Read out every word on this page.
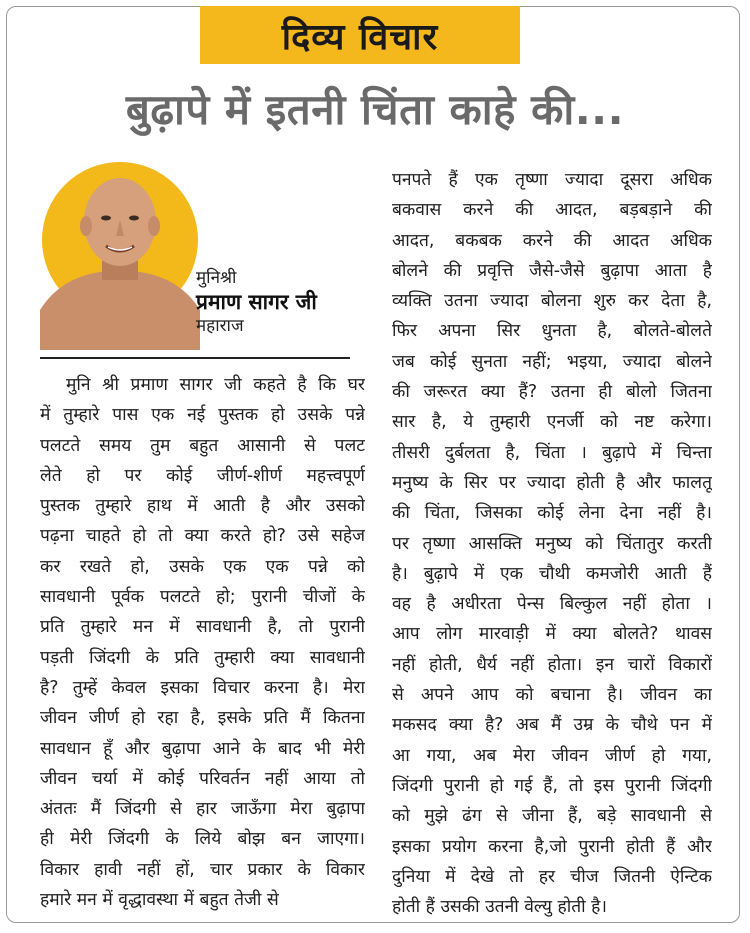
दिव्य विचार
बुढ़ापे में इतनी चिंता काहे की...
मुनिश्री
प्रमाण सागर जी
महाराज
मुनि श्री प्रमाण सागर जी कहते है कि घर
में तुम्हारे पास एक नई पुस्तक हो उसके पन्ने
पलटते समय तुम बहुत आसानी से पलट
लेते हो पर कोई जीर्ण-शीर्ण महत्त्वपूर्ण
पुस्तक तुम्हारे हाथ में आती है और उसको
पढ़ना चाहते हो तो क्या करते हो? उसे सहेज
कर रखते हो, उसके एक एक पन्ने को
सावधानी पूर्वक पलटते हो; पुरानी चीजों के
प्रति तुम्हारे मन में सावधानी है, तो पुरानी
पड़ती जिंदगी के प्रति तुम्हारी क्या सावधानी
है? तुम्हें केवल इसका विचार करना है। मेरा
जीवन जीर्ण हो रहा है, इसके प्रति मैं कितना
सावधान हूँ और बुढ़ापा आने के बाद भी मेरी
जीवन चर्या में कोई परिवर्तन नहीं आया तो
अंततः मैं जिंदगी से हार जाऊँगा मेरा बुढ़ापा
ही मेरी जिंदगी के लिये बोझ बन जाएगा।
विकार हावी नहीं हों, चार प्रकार के विकार
हमारे मन में वृद्धावस्था में बहुत तेजी से
पनपते हैं एक तृष्णा ज्यादा दूसरा अधिक
बकवास करने की आदत, बड़बड़ाने की
आदत, बकबक करने की आदत अधिक
बोलने की प्रवृत्ति जैसे-जैसे बुढ़ापा आता है
व्यक्ति उतना ज्यादा बोलना शुरु कर देता है,
फिर अपना सिर धुनता है, बोलते-बोलते
जब कोई सुनता नहीं; भइया, ज्यादा बोलने
की जरूरत क्या हैं? उतना ही बोलो जितना
सार है, ये तुम्हारी एनर्जी को नष्ट करेगा।
तीसरी दुर्बलता है, चिंता । बुढ़ापे में चिन्ता
मनुष्य के सिर पर ज्यादा होती है और फालतू
की चिंता, जिसका कोई लेना देना नहीं है।
पर तृष्णा आसक्ति मनुष्य को चिंतातुर करती
है। बुढ़ापे में एक चौथी कमजोरी आती हैं
वह है अधीरता पेन्स बिल्कुल नहीं होता ।
आप लोग मारवाड़ी में क्या बोलते? थावस
नहीं होती, धैर्य नहीं होता। इन चारों विकारों
से अपने आप को बचाना है। जीवन का
मकसद क्या है? अब मैं उम्र के चौथे पन में
आ गया, अब मेरा जीवन जीर्ण हो गया,
जिंदगी पुरानी हो गई हैं, तो इस पुरानी जिंदगी
को मुझे ढंग से जीना हैं, बड़े सावधानी से
इसका प्रयोग करना है,जो पुरानी होती हैं और
दुनिया में देखे तो हर चीज जितनी ऐन्टिक
होती हैं उसकी उतनी वेल्यु होती है।
